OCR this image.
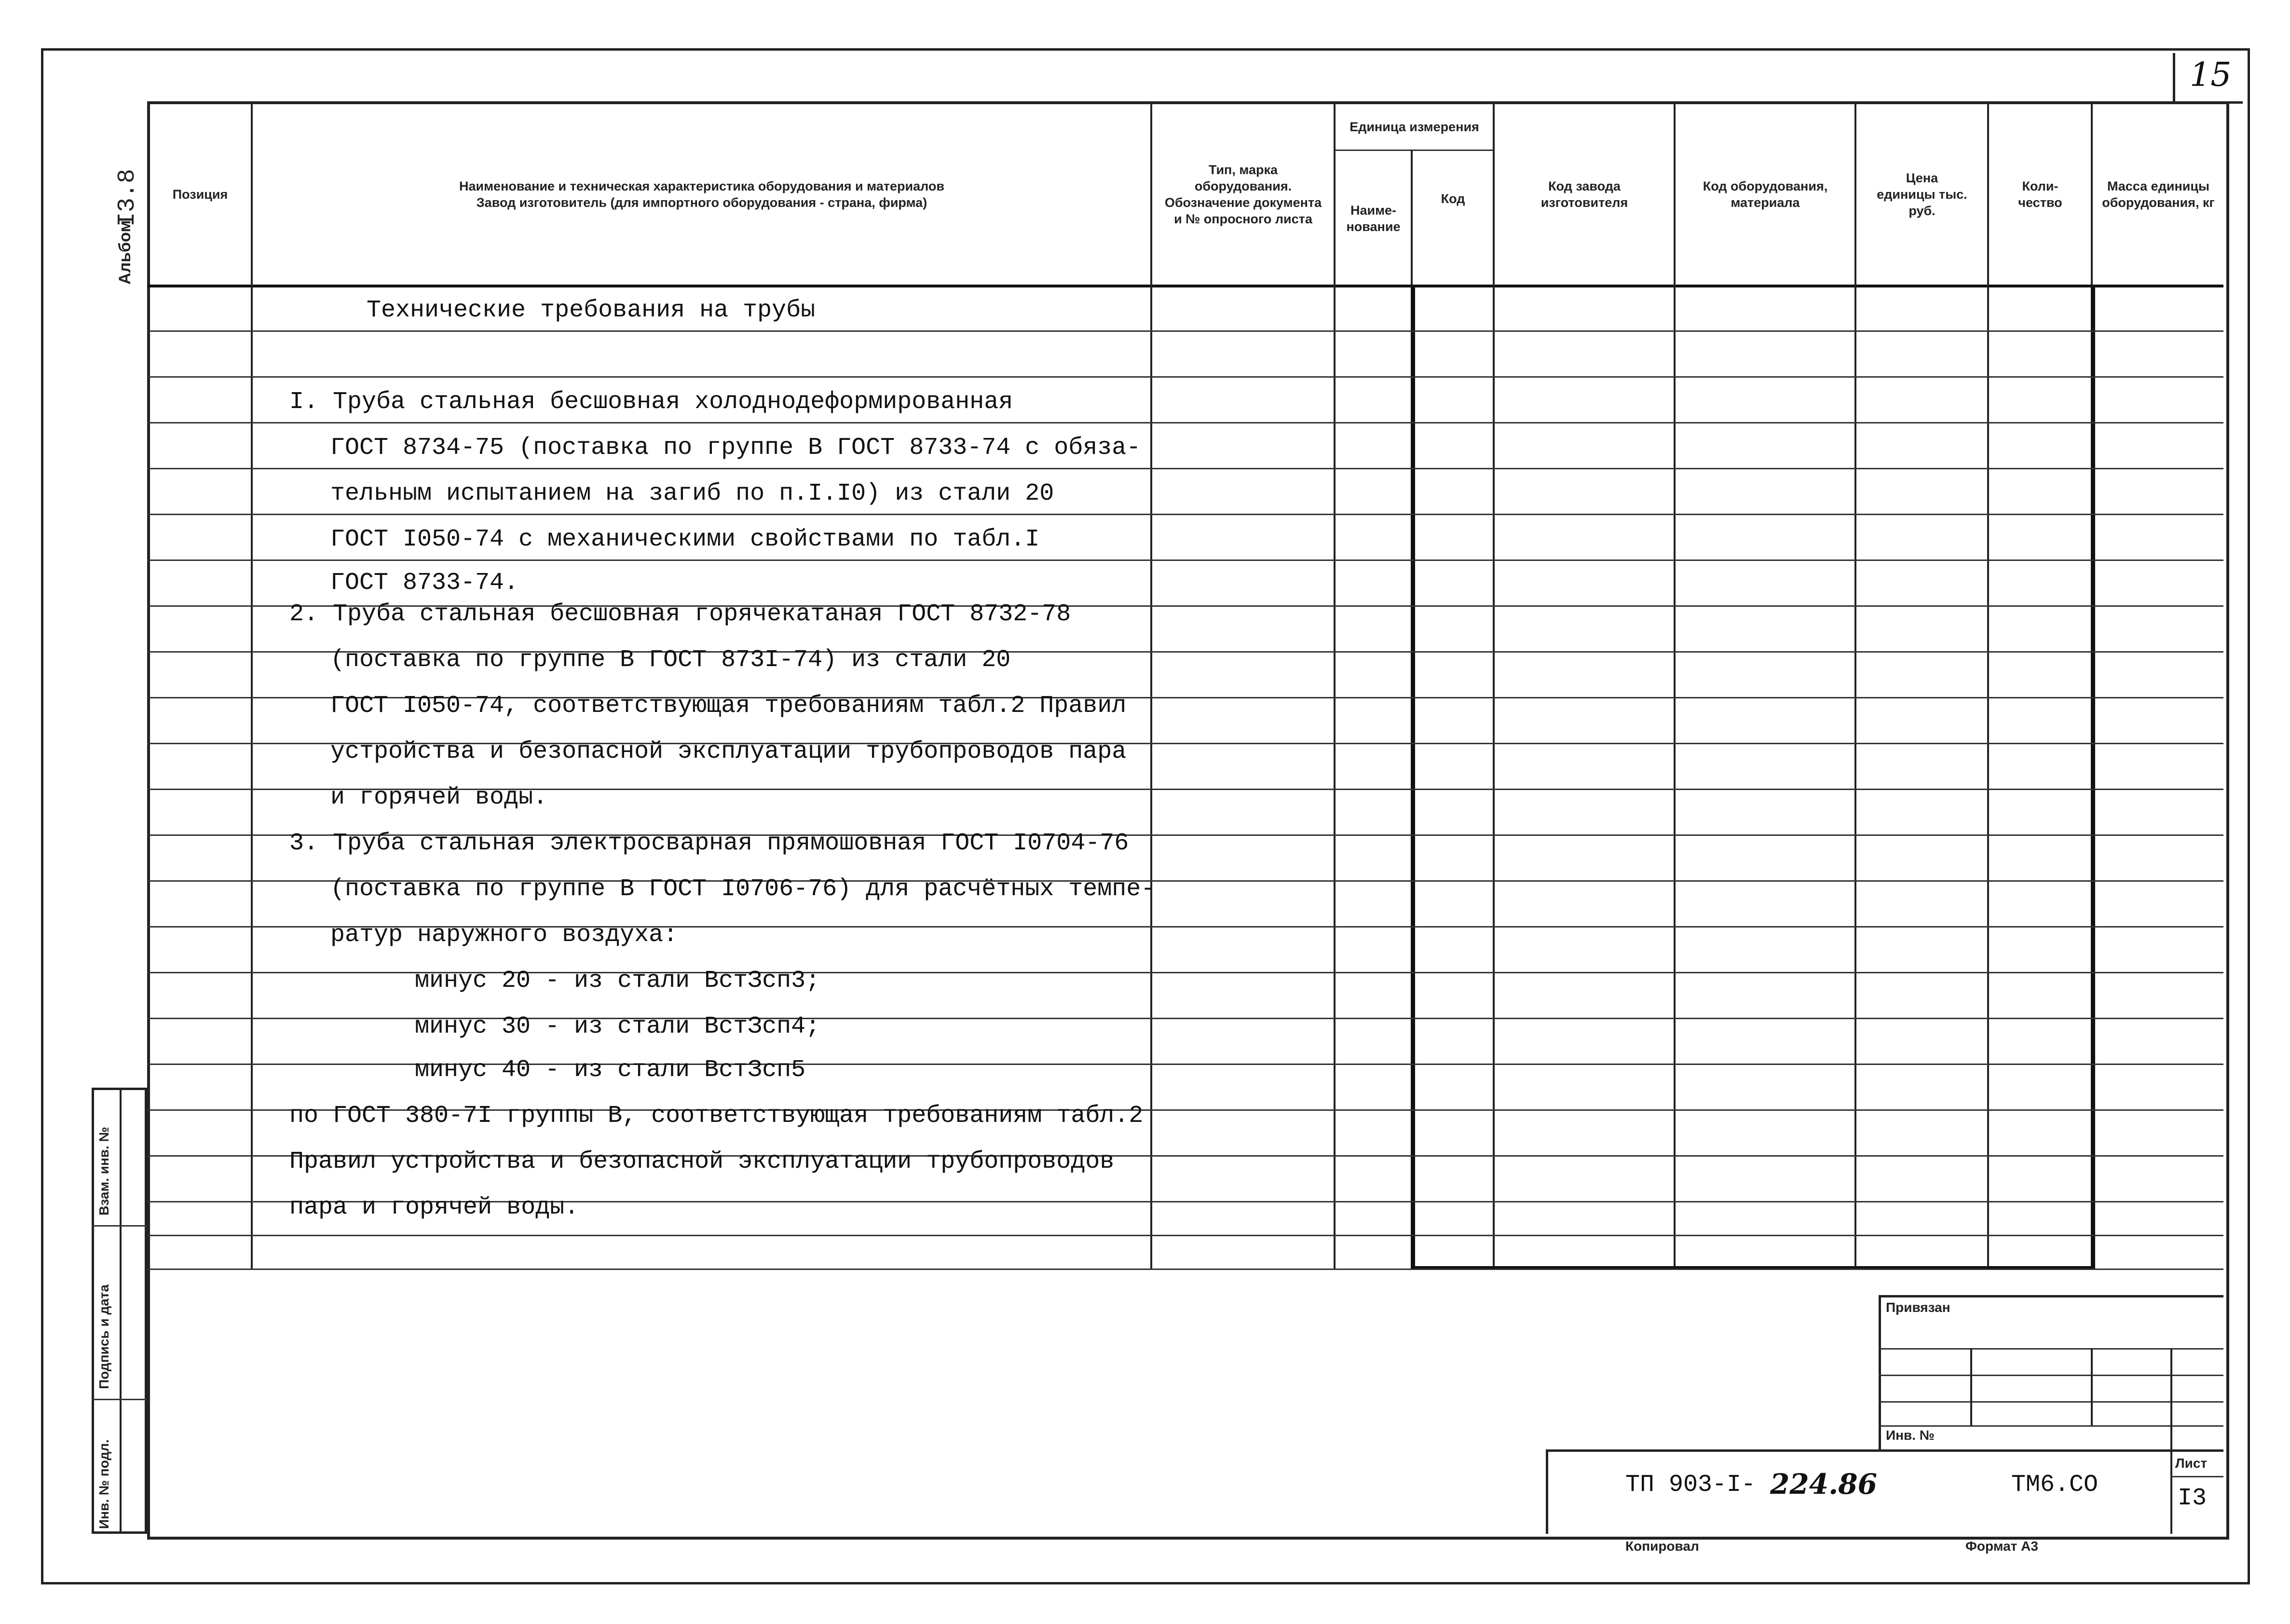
15
Альбом
I3.8
Взам. инв. №
Подпись и дата
Инв. № подл.
Позиция
Наименование и техническая характеристика оборудования и материалов
Завод изготовитель (для импортного оборудования - страна, фирма)
Тип, марка оборудования. Обозначение документа и № опросного листа
Единица измерения
Наиме-нование
Код
Код завода изготовителя
Код оборудования, материала
Цена единицы тыс. руб.
Коли-чество
Масса единицы оборудования, кг
Технические требования на трубы
I. Труба стальная бесшовная холоднодеформированная
ГОСТ 8734-75 (поставка по группе В ГОСТ 8733-74 с обяза-
тельным испытанием на загиб по п.I.I0) из стали 20
ГОСТ I050-74 с механическими свойствами по табл.I
ГОСТ 8733-74.
2. Труба стальная бесшовная горячекатаная ГОСТ 8732-78
(поставка по группе В ГОСТ 873I-74) из стали 20
ГОСТ I050-74, соответствующая требованиям табл.2 Правил
устройства и безопасной эксплуатации трубопроводов пара
и горячей воды.
3. Труба стальная электросварная прямошовная ГОСТ I0704-76
(поставка по группе В ГОСТ I0706-76) для расчётных темпе-
ратур наружного воздуха:
минус 20 - из стали ВстЗсп3;
минус 30 - из стали ВстЗсп4;
минус 40 - из стали ВстЗсп5
по ГОСТ 380-7I группы В, соответствующая требованиям табл.2
Правил устройства и безопасной эксплуатации трубопроводов
пара и горячей воды.
Привязан
Инв. №
Лист
I3
ТП 903-I- 224.86	ТМ6.СО
Копировал	Формат А3
